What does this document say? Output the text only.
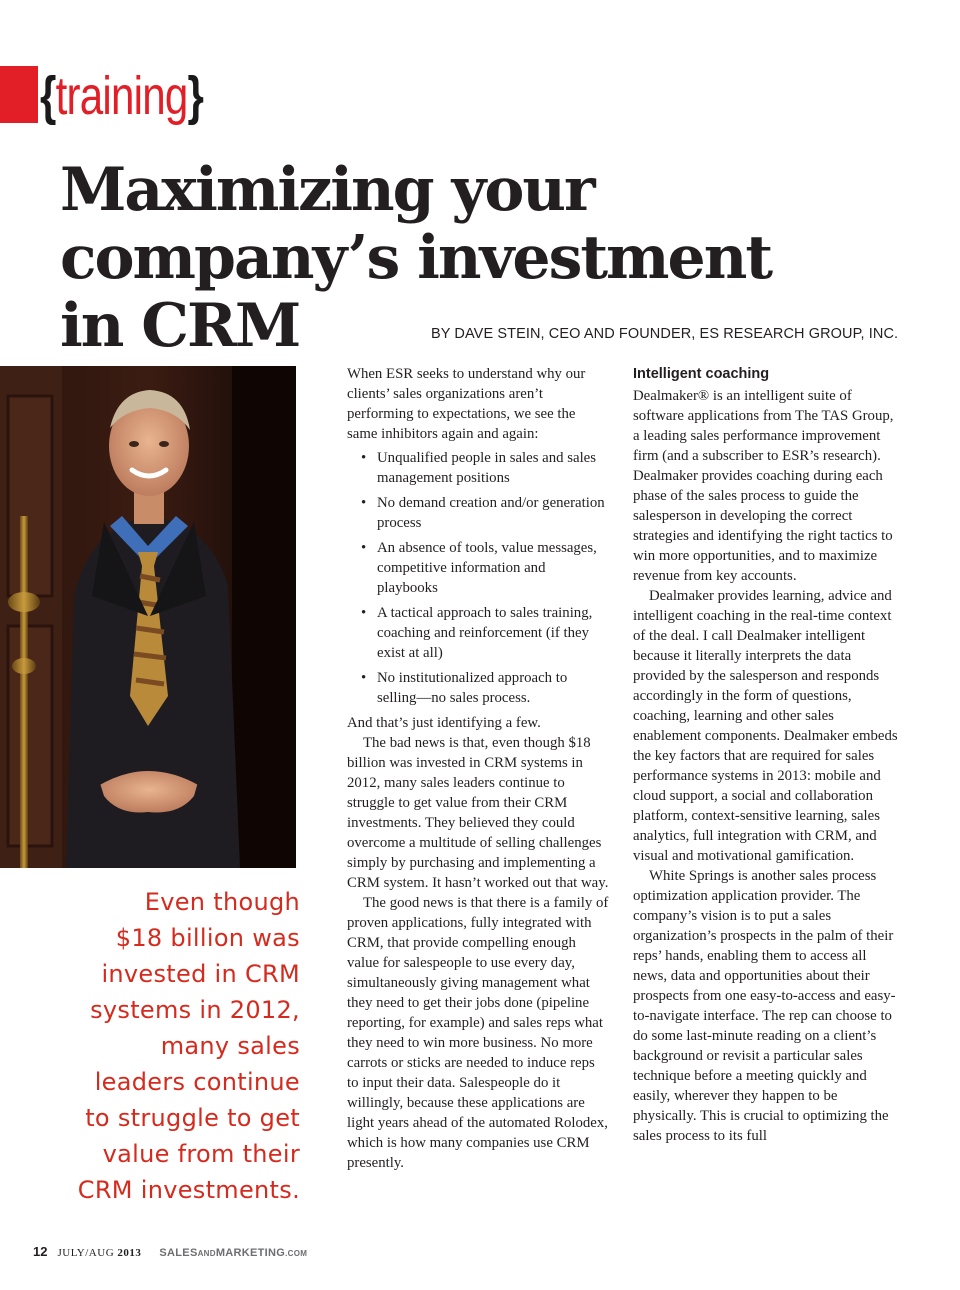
{training}
Maximizing your
company’s investment
in CRM	BY DAVE STEIN, CEO AND FOUNDER, ES RESEARCH GROUP, INC.
Even though
$18 billion was
invested in CRM
systems in 2012,
many sales
leaders continue
to struggle to get
value from their
CRM investments.

When ESR seeks to understand why our clients’ sales organizations aren’t performing to expectations, we see the same inhibitors again and again:

• Unqualified people in sales and sales management positions
• No demand creation and/or generation process
• An absence of tools, value messages, competitive information and playbooks
• A tactical approach to sales training, coaching and reinforcement (if they exist at all)
• No institutionalized approach to selling—no sales process.

And that’s just identifying a few.

The bad news is that, even though $18 billion was invested in CRM systems in 2012, many sales leaders continue to struggle to get value from their CRM investments. They believed they could overcome a multitude of selling challenges simply by purchasing and implementing a CRM system. It hasn’t worked out that way.

The good news is that there is a family of proven applications, fully integrated with CRM, that provide compelling enough value for salespeople to use every day, simultaneously giving management what they need to get their jobs done (pipeline reporting, for example) and sales reps what they need to win more business. No more carrots or sticks are needed to induce reps to input their data. Salespeople do it willingly, because these applications are light years ahead of the automated Rolodex, which is how many companies use CRM presently.

Intelligent coaching

Dealmaker® is an intelligent suite of software applications from The TAS Group, a leading sales performance improvement firm (and a subscriber to ESR’s research). Dealmaker provides coaching during each phase of the sales process to guide the salesperson in developing the correct strategies and identifying the right tactics to win more opportunities, and to maximize revenue from key accounts.

Dealmaker provides learning, advice and intelligent coaching in the real-time context of the deal. I call Dealmaker intelligent because it literally interprets the data provided by the salesperson and responds accordingly in the form of questions, coaching, learning and other sales enablement components. Dealmaker embeds the key factors that are required for sales performance systems in 2013: mobile and cloud support, a social and collaboration platform, context-sensitive learning, sales analytics, full integration with CRM, and visual and motivational gamification.

White Springs is another sales process optimization application provider. The company’s vision is to put a sales organization’s prospects in the palm of their reps’ hands, enabling them to access all news, data and opportunities about their prospects from one easy-to-access and easy-to-navigate interface. The rep can choose to do some last-minute reading on a client’s background or revisit a particular sales technique before a meeting quickly and easily, wherever they happen to be physically. This is crucial to optimizing the sales process to its full

12 JULY/AUG 2013 SALESANDMARKETING.COM
